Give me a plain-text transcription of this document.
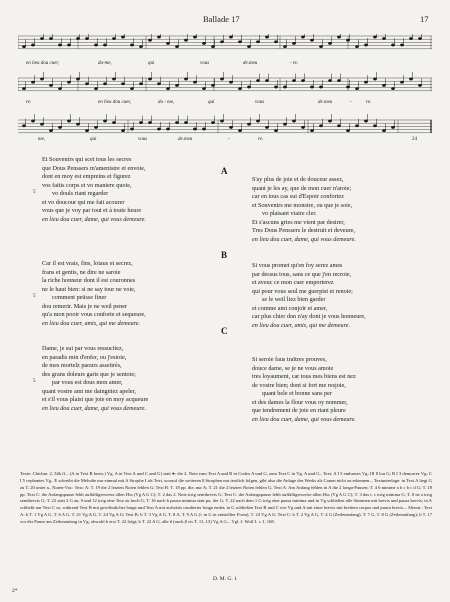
Ballade 17	17
en lieu dou cuer,	da-me,	qui	vous	de.meu	- re.
re.	en lieu dou cuer,	da - me,	qui	vous	de.meu	-	re.
me,	qui	vous	de.meu	-	re.	24
A
Et Souvenirs qui scet tous les secres
que Dous Penssers m'amenistre et envoie,
dont en moy est empreins et figurez
vos faitis corps et vo maniere quoie,
vo douls riant regarder
et vo doucour qui me fait acourer
vous que je voy par tout et à toute heure
en lieu dou cuer, dame, qui vous demeure.
S'ay plus de joie et de douceur assez,
quant je les ay, que de mon cuer n'aroie;
car en tous cas sui d'Espoir confortez
et Souvenirs me monstre, ou que je soie,
vo plaisant viaire cler.
Et s'ascuns gries me vient par desirer,
Tres Dous Penssers le destruit et deveure,
en lieu dou cuer, dame, qui vous demeure.
B
Car il est vrais, fins, loiaus et secrez,
frans et gentis, ne dire ne saroie
la riche honneur dont il est couronnes
ne le haut bien: si ne say tour ne voie,
comment peüsse finer
dou remerir. Mais je ne weil pener
qu'a mon pooir vous conforte et sequeure,
en lieu dou cuer, amis, qui me demeure.
Si vous promet qu'en foy serez ames
par dessus tous, sans ce que j'en recroie,
et aveuc ce mon cuer emporterez
qui pour vous seul me guerpist et renoie;
se le weil liez bien garder
et comme ami conjoïr et amer,
car plus chier don n'ay dont je vous honneure,
en lieu dou cuer, amis, qui me demeure.
C
Dame, je sui par vous ressucitez,
en paradis min d'enfer, ou j'estoie,
de mes mortelz paours asseürés,
des grans doleurs garis que je sentoie;
par vous est dous mon amer,
quant vostre ami me daingniez apeler,
et s'il vous plaist que joie en moy acqueure
en lieu dou cuer, dame, qui vous demeure.
Si seroie faus traïtres prouves,
douce dame, se je ne vous amoie
tres loyaument, car tous mes biens est nez
de vostre bien; dont si fort me resjoie,
quant bele et bonne sans per
et des dames la flour vous oy nommer,
que tendrement de joie en riant pleure
en lieu dou cuer, dame, qui vous demeure.
5
5
5
Texte: Chichm. 2, 54b ff.– (A in Text B bezw.) Vg. A in Text A und C und G) statt ●; die 2. Note zum Text A und B in Codex A und G, zum Text C in Vg. A und G– Text: A I 3 embrases Vg; III 8 lou G; B I 3 demorrez Vg; C I 5 cephantes Vg– E schreibt die Melodie nur einmal mit A Strophe I als Text, worauf die weiteren 8 Strophen nur textlich folgen, gibt also die Anlage des Werks als Canon nicht zu erkennen.– Textunterlage: in Text A liegt G zu T. 20 unter a– Noten-Var.: Text: A: T. 19 die 2 letzten Noten fehlen G; Text B: T. 18 pp. die, nur A; T. 21 die 2 letzten Noten fehlen G; Text A: Am Anfang fehlen in A die 2 longa-Pausen; T. 4 6 minime a b c b c d G; T. 18 pp. Text C: die Anfangspause fehlt auffälligerweise allen Hss (Vg A G C); T. 2 das 2. Note irrig semibrevis G; Text C: die Anfangspause fehlt auffälligerweise allen Hss (Vg A G C); T. 3 das t. c irrig minima G; T. 8 ist a irrig semibrevis G; T. 22 statt 2 G an, 9 und 12 irrig eine Terz zu hoch G; T. 16 nach b pausa minima statt pu. der G; T. 22 nach dem 1 G irrig eine pausa minima und in Vg schließen alle Stimmen mit brevis und pausa brevis; in A schließt nur Text C so, während Text B mit gewöhnlicher longa und Text A mit aufwärts caudierter longa endet; in G schließen Text B und C wie Vg und A mit einer brevis mit breitem corpus und pausa brevis.– Alterat.: Text A: b T. 1 Vg A G, T. 6 A G, T. 21 Vg A G, T. 24 Vg A G; Text B: b T. 3 Vg A G, T. 8 A, T. 9 A G (♭ in G in entstellter Form), T. 23 Vg A G; Text C: b T. 2 Vg A G, T. 4 G (Zeilenanfang), T. 7 G, T. 8 G (Zeilenanfang); b T. 17 vor der Pause am Zeilenanfang in Vg, obwohl b erst T. 22 folgt; b T. 22 A G, alle # (auch ♯ cis T. 11–13) Vg A G.– Vgl. J. Wolf I. c. I, 168.
D. M. G. 1
2*
